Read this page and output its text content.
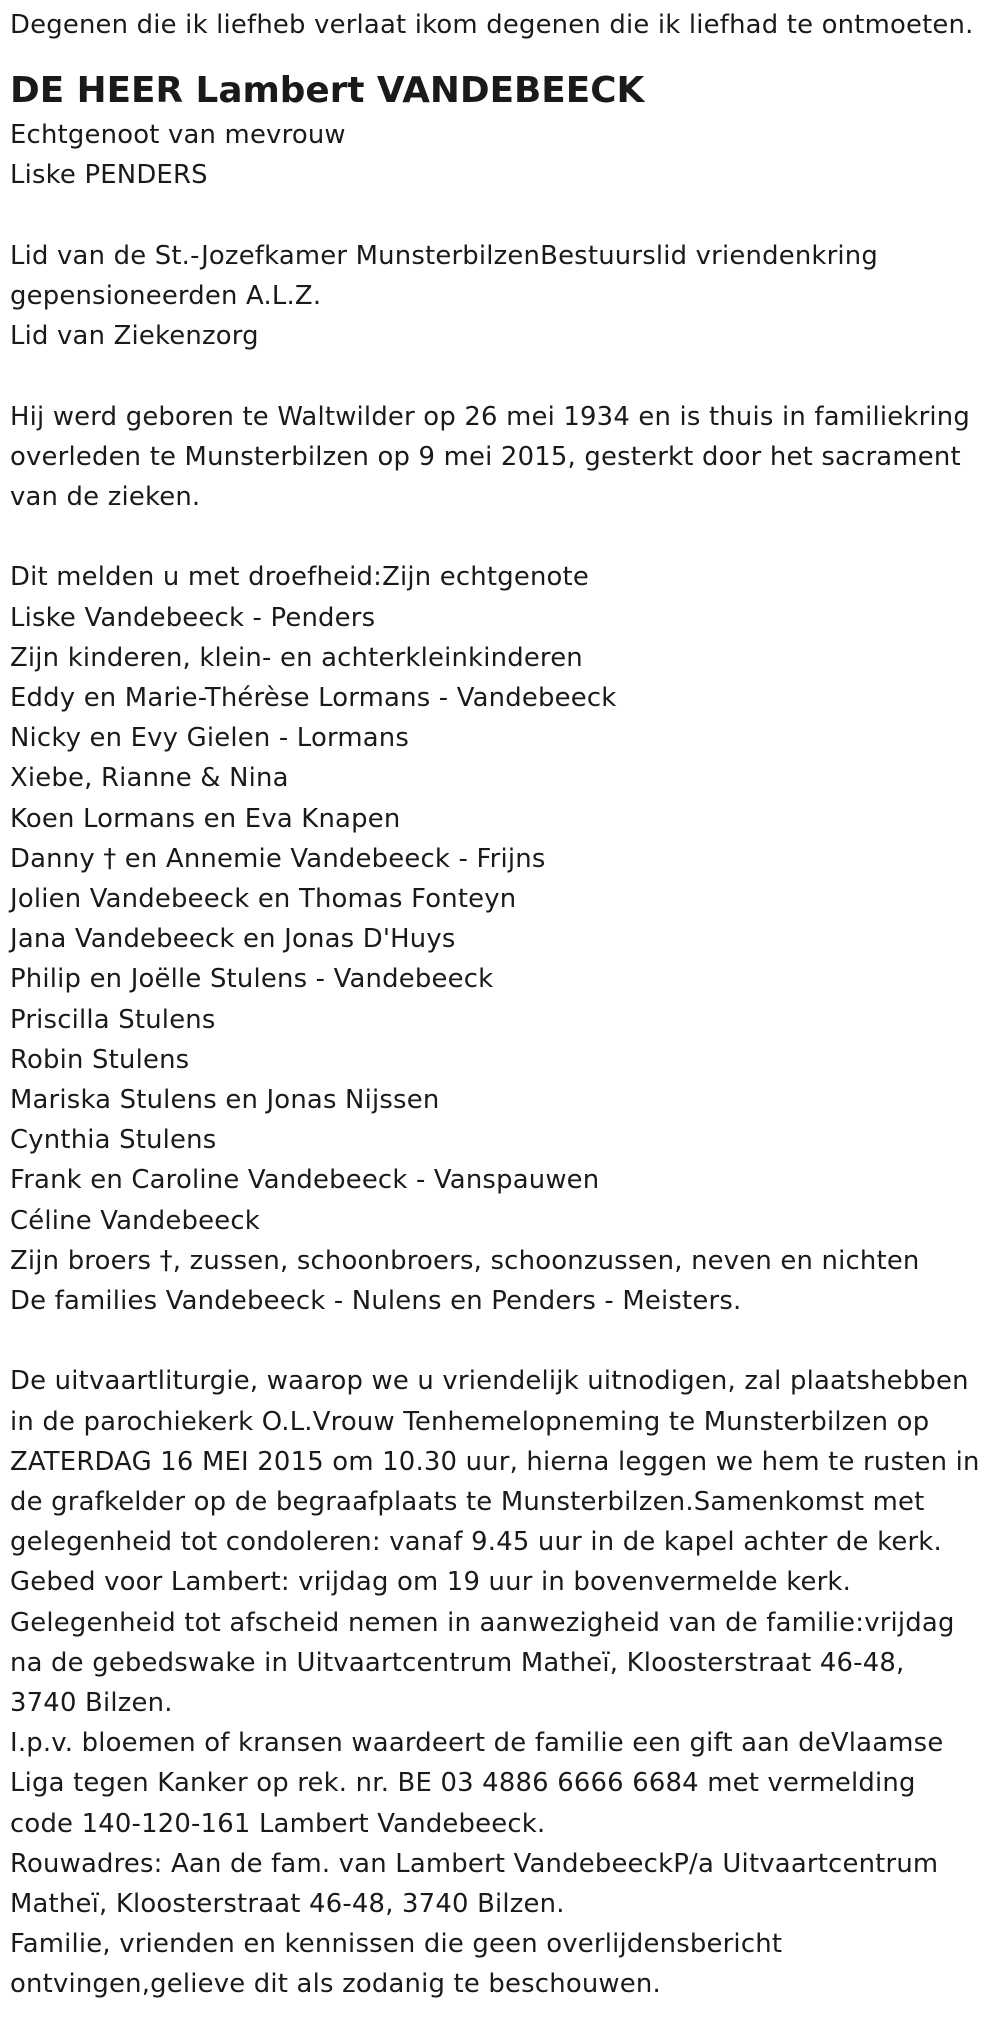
Degenen die ik liefheb verlaat ikom degenen die ik liefhad te ontmoeten.
DE HEER Lambert VANDEBEECK
Echtgenoot van mevrouw
Liske PENDERS
Lid van de St.-Jozefkamer MunsterbilzenBestuurslid vriendenkring
gepensioneerden A.L.Z.
Lid van Ziekenzorg
Hij werd geboren te Waltwilder op 26 mei 1934 en is thuis in familiekring
overleden te Munsterbilzen op 9 mei 2015, gesterkt door het sacrament
van de zieken.
Dit melden u met droefheid:Zijn echtgenote
Liske Vandebeeck - Penders
Zijn kinderen, klein- en achterkleinkinderen
Eddy en Marie-Thérèse Lormans - Vandebeeck
Nicky en Evy Gielen - Lormans
Xiebe, Rianne & Nina
Koen Lormans en Eva Knapen
Danny † en Annemie Vandebeeck - Frijns
Jolien Vandebeeck en Thomas Fonteyn
Jana Vandebeeck en Jonas D'Huys
Philip en Joëlle Stulens - Vandebeeck
Priscilla Stulens
Robin Stulens
Mariska Stulens en Jonas Nijssen
Cynthia Stulens
Frank en Caroline Vandebeeck - Vanspauwen
Céline Vandebeeck
Zijn broers †, zussen, schoonbroers, schoonzussen, neven en nichten
De families Vandebeeck - Nulens en Penders - Meisters.
De uitvaartliturgie, waarop we u vriendelijk uitnodigen, zal plaatshebben
in de parochiekerk O.L.Vrouw Tenhemelopneming te Munsterbilzen op
ZATERDAG 16 MEI 2015 om 10.30 uur, hierna leggen we hem te rusten in
de grafkelder op de begraafplaats te Munsterbilzen.Samenkomst met
gelegenheid tot condoleren: vanaf 9.45 uur in de kapel achter de kerk.
Gebed voor Lambert: vrijdag om 19 uur in bovenvermelde kerk.
Gelegenheid tot afscheid nemen in aanwezigheid van de familie:vrijdag
na de gebedswake in Uitvaartcentrum Matheï, Kloosterstraat 46-48,
3740 Bilzen.
I.p.v. bloemen of kransen waardeert de familie een gift aan deVlaamse
Liga tegen Kanker op rek. nr. BE 03 4886 6666 6684 met vermelding
code 140-120-161 Lambert Vandebeeck.
Rouwadres: Aan de fam. van Lambert VandebeeckP/a Uitvaartcentrum
Matheï, Kloosterstraat 46-48, 3740 Bilzen.
Familie, vrienden en kennissen die geen overlijdensbericht
ontvingen,gelieve dit als zodanig te beschouwen.
